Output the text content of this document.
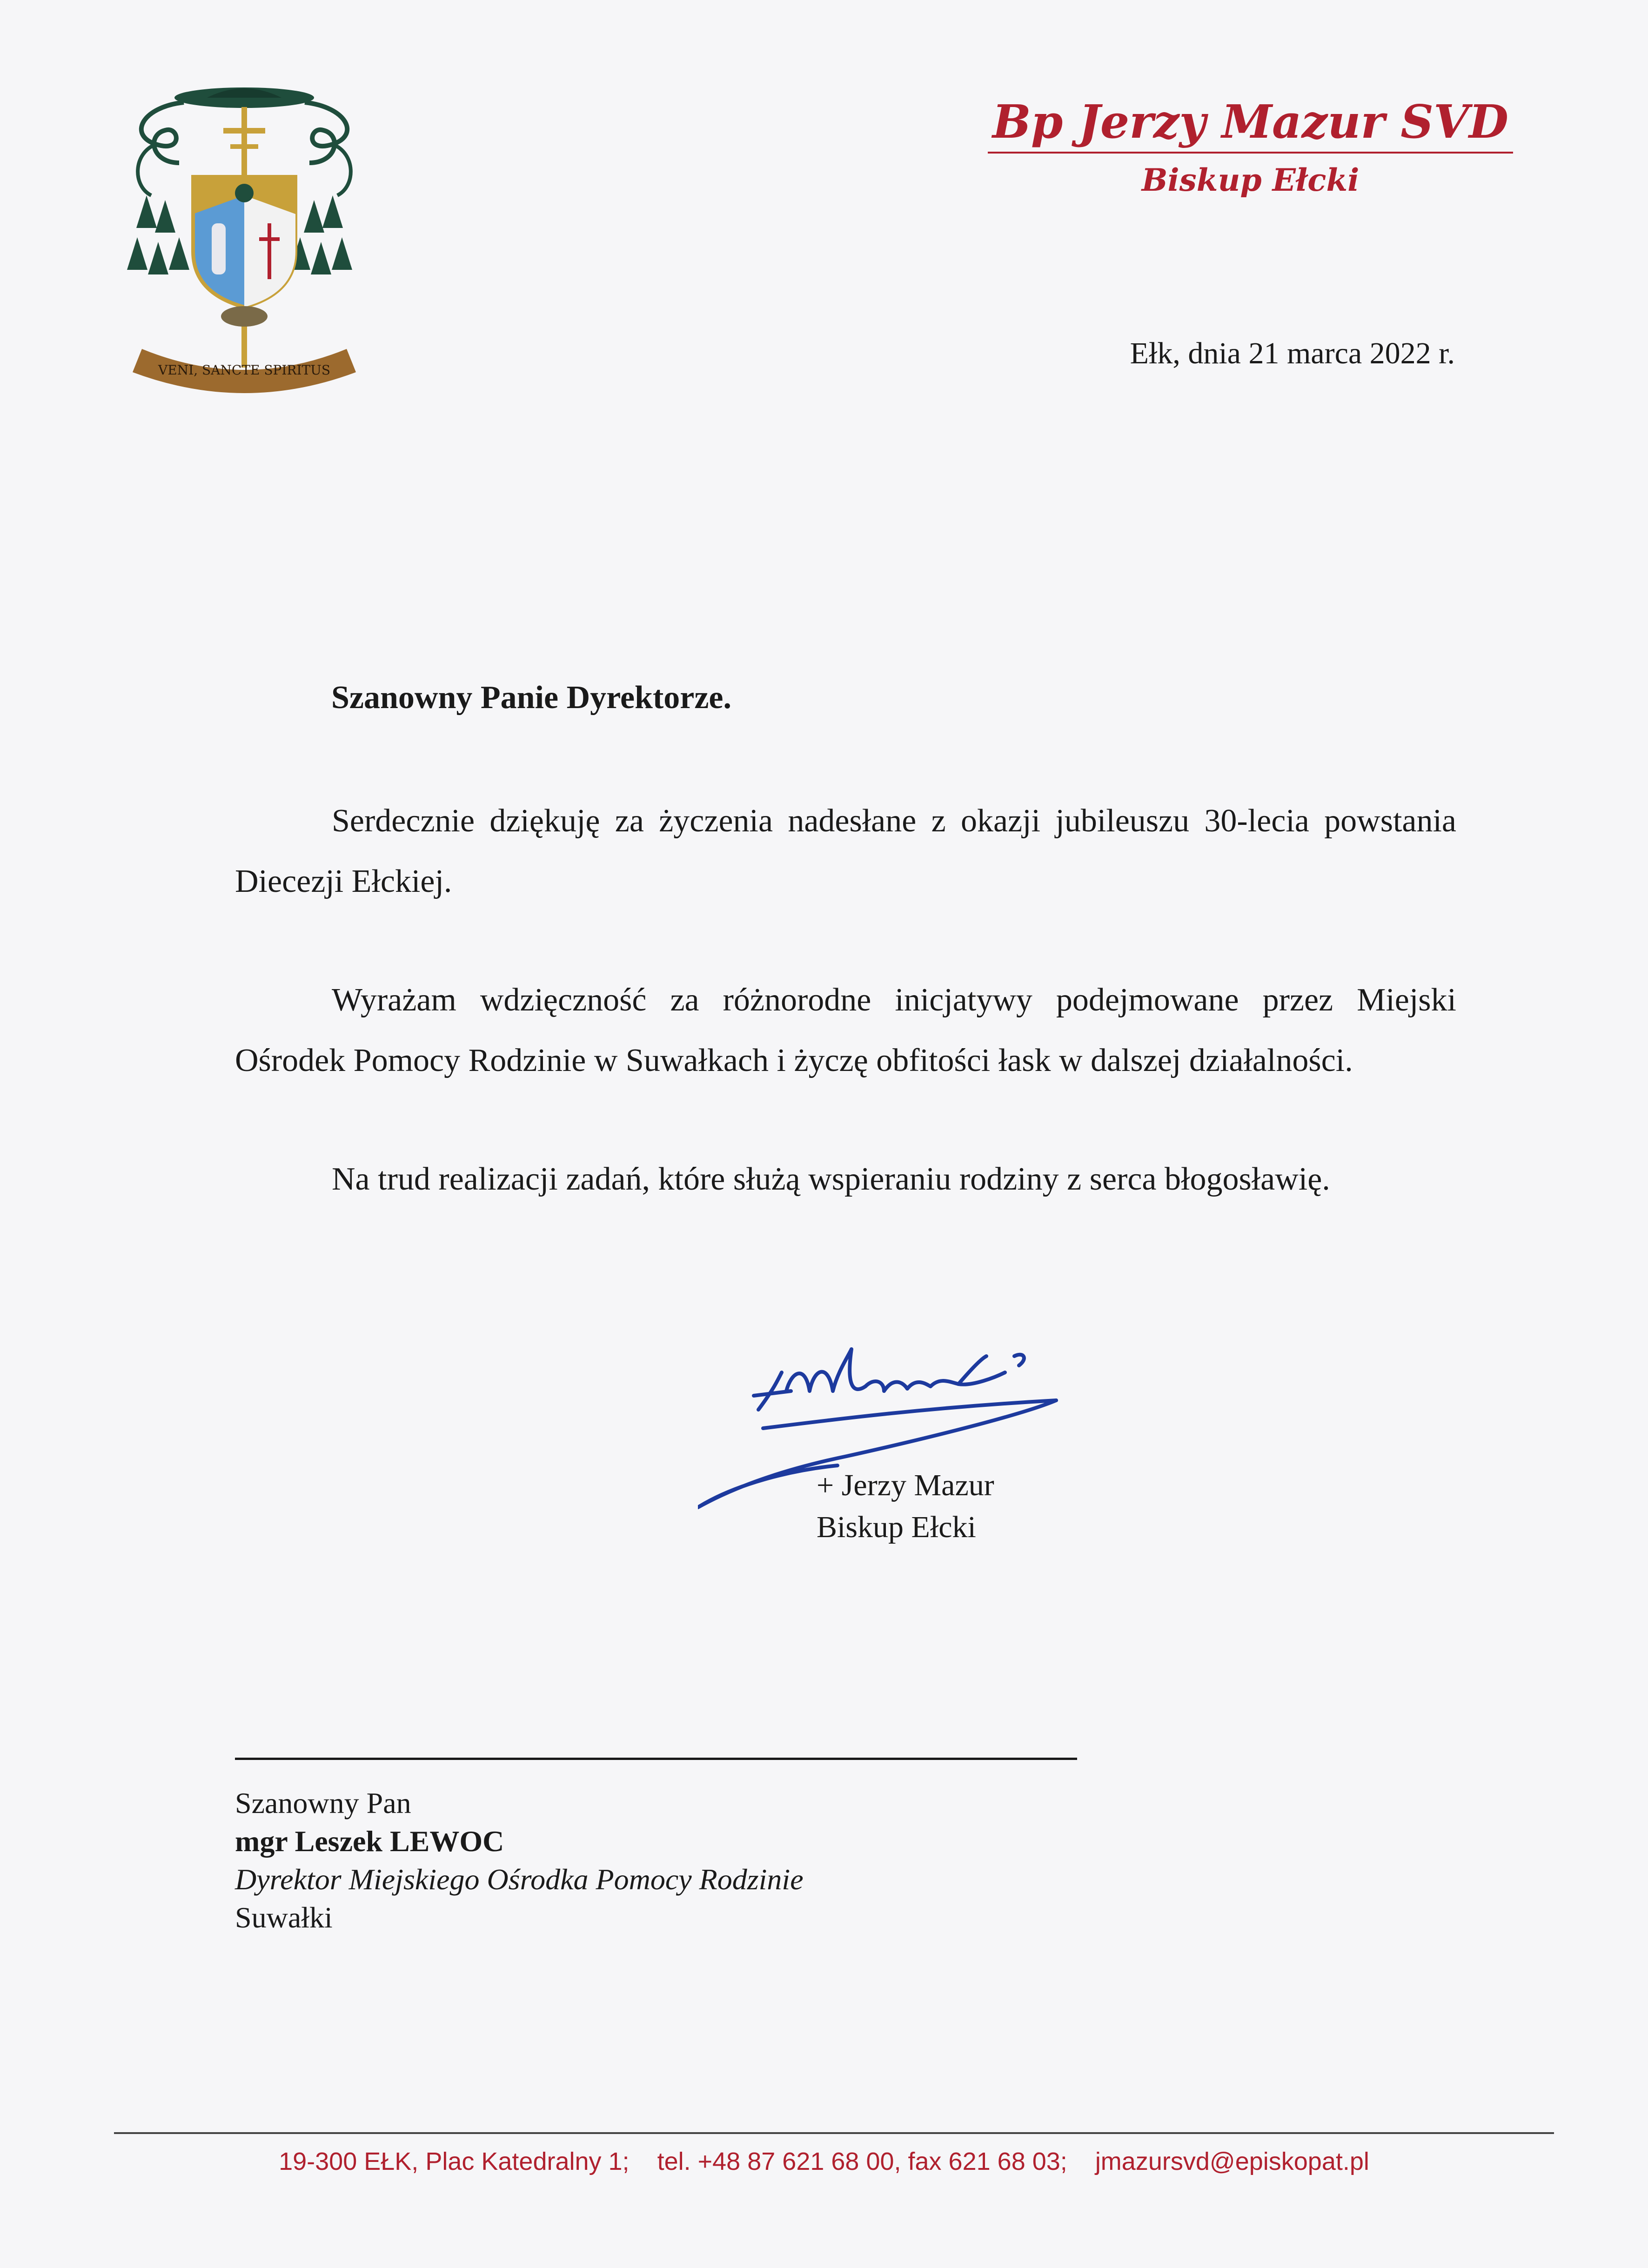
VENI, SANCTE SPIRITUS
Bp Jerzy Mazur SVD
Biskup Ełcki
Ełk, dnia 21 marca 2022 r.
Szanowny Panie Dyrektorze.
Serdecznie dziękuję za życzenia nadesłane z okazji jubileuszu 30-lecia powstania Diecezji Ełckiej.
Wyrażam wdzięczność za różnorodne inicjatywy podejmowane przez Miejski Ośrodek Pomocy Rodzinie w Suwałkach i życzę obfitości łask w dalszej działalności.
Na trud realizacji zadań, które służą wspieraniu rodziny z serca błogosławię.
+ Jerzy Mazur
Biskup Ełcki
Szanowny Pan
mgr Leszek LEWOC
Dyrektor Miejskiego Ośrodka Pomocy Rodzinie
Suwałki
19-300 EŁK, Plac Katedralny 1; tel. +48 87 621 68 00, fax 621 68 03; jmazursvd@episkopat.pl
